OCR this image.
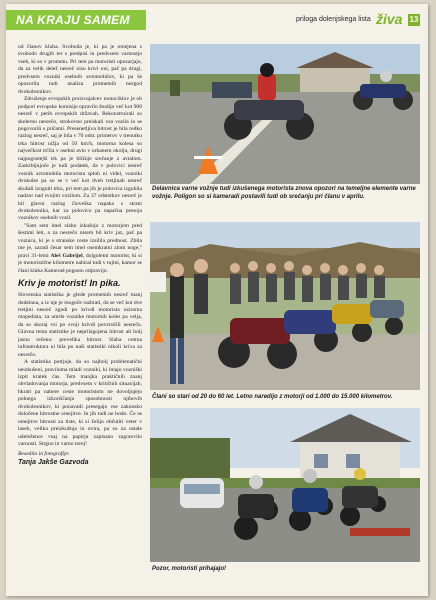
NA KRAJU SAMEM	priloga dolenjskega lista živa 13

od članov kluba. Svoboda je, ki pa je omejena s svobodo drugih ter s predpisi in predvsem varnostjo vseh, ki so v prometu. Pri tem pa motoristi opozarjajo, da za velik delež nesreč niso krivi oni, pač pa drugi, predvsem vozniki osebnih avtomobilov, ki pa še opozorila tudi analiza prometnih nezgod dvokolesnikov.

Združenje evropskih proizvajalcev motociklov je ob podpori evropske komisije opravilo študijo več kot 900 nesreč v petih evropskih državah. Rekonstruirali so skelerno nesrečo, strokovno preiskali vsa vozila in se pogovorili s pričami. Presenetljiva hitrost je bila redko razlog nesreč, saj je bila v 70 odst. primerov v trenutku trka hitrost nižja od 50 km/h, motorna kolesa so največkrat trčila v osebni avto v urbanem okolju, drugi najpogostejši trk pa je bližnje srečanje z avtalom. Zaskrbljujoče je tudi podatek, da v polovici nesreč voznik avtomobila motorista sploh ni videl, vozniki dvokoles pa so se v več kot dveh tretjinah nesreč skušali izogniti trku, pri tem pa jih je polovica izgubila nadzor nad svojim vozilom. Za 37 odstotkov nesreč je bil glavni razlog človeška napaka s strani dvokolesnika, kar za polovico pa napačna presoja voznikov osebnih vozil.

"Sam sem imel slabo izkušnjo z motorjem pred šestimi leti, a za nesrečo nisem bil kriv jaz, pač pa voznica, ki je s stranske ceste izsilila prednost. Zbila me je, zaradi česar sem imel osemkratni zlom noge," pravi 31-letni Aleš Gabrijel, dolgoletni motorist, ki si je motoristične kilometre nabiral tudi v tujini, kamor se člani kluba Kamerad pogosto odpravijo.

Kriv je motorist! In pika.

Slovenska statistika je glede prometnih nesreč manj dodelana, a iz nje je mogoče razbrati, da se več kot dve tretjini nesreč zgodi po krivdi motorista oziroma mopedista, za umrle voznike motornih koles pa velja, da so skoraj vsi po svoji krivdi povzročili nesrečo. Glavna tema statistike je neprilagojena hitrost ali bolj jasno rečeno: prevelika hitrost. Slaba cestna infrastruktura ni bila po naši statistiki nikoli kriva za nesrečo.

A statistika potrjuje, da so najbolj problematični neizkušeni, pravilomа mladi vozniki, ki imajo vozniški izpit kratek čas. Tem manjka praktičnih znanj obvladovanja motorja, predvsem v kritičnih situacijah, hkrati pa nabere ceste motoristom ne dovoljujejo polnega izkoriščanja sposobnosti njihovih dvokolesnikov, ki ponavadi presegajo vse zakonsko določene hitrostne omejitve. In jih tudi ne bodo. Če se omejitve hitrosti za tiste, ki si želijo občutiti veter v laseh, velika preizkušnja in ovira, pa so za ostale udeležence vsaj na papirju zapisano zagotovilo varnosti. Strgno in varno torej!

Besedilo in fotografije:

Tanja Jakše Gazvoda

Delavnica varne vožnje tudi izkušenega motorista znova opozori na temeljne elemente varne vožnje. Poligon so si kameradi postavili tudi ob srečanju pri članu v aprilu.
Člani so stari od 20 do 60 let. Letno naredijo z motorji od 1.000 do 15.000 kilometrov.
Pozor, motoristi prihajajo!
